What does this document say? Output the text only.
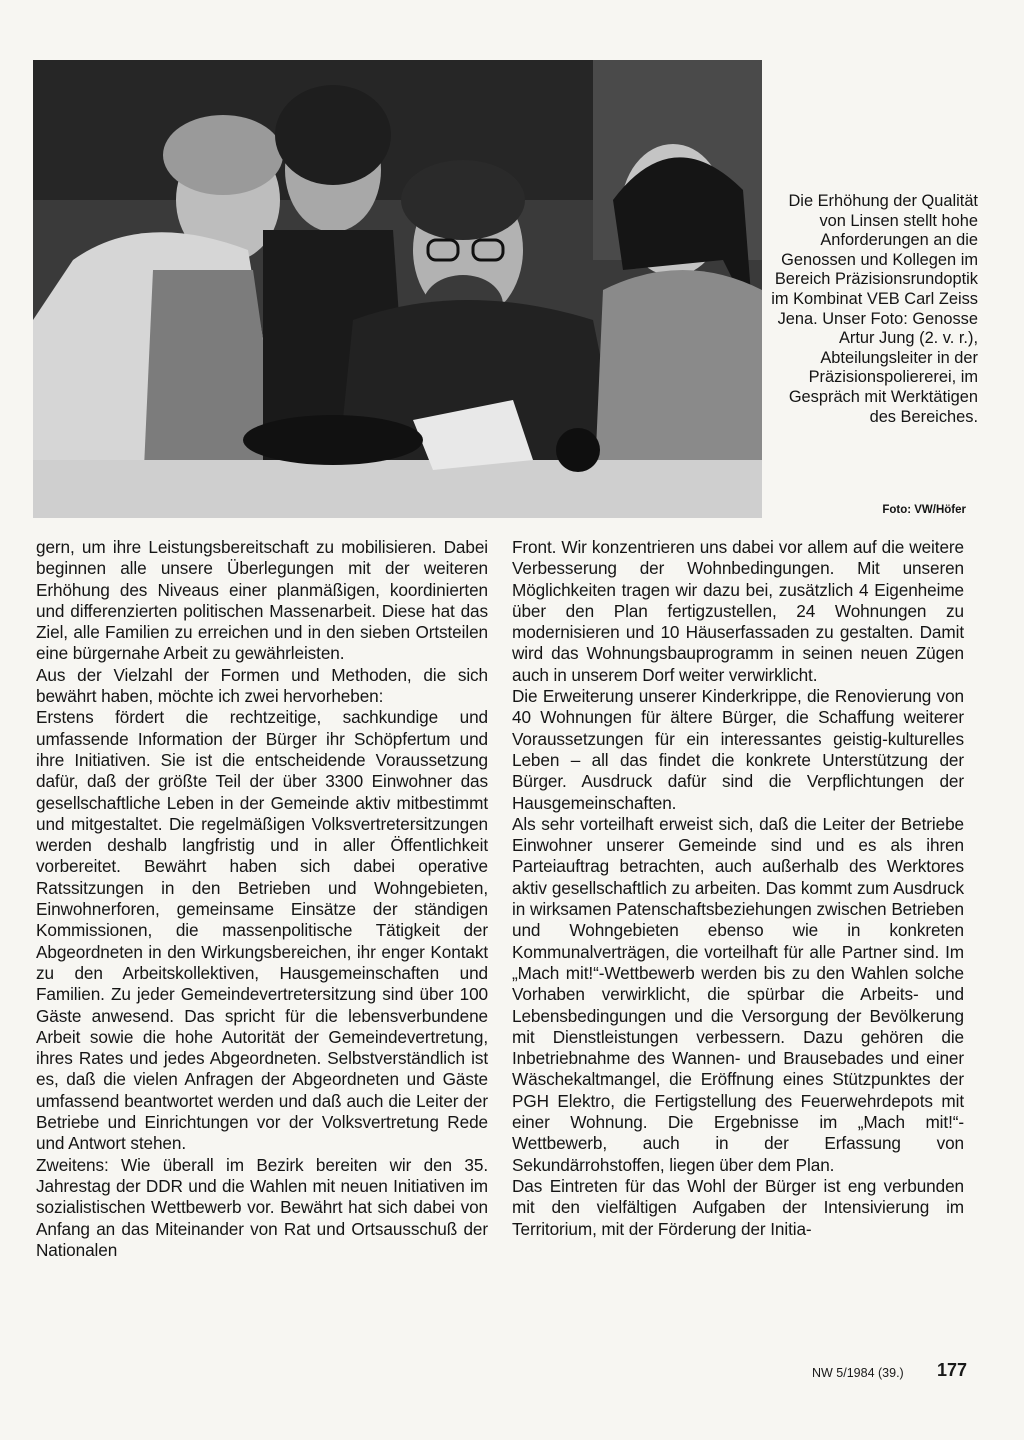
Die Erhöhung der Qualität von Linsen stellt hohe Anforderungen an die Genossen und Kollegen im Bereich Präzisionsrundoptik im Kombinat VEB Carl Zeiss Jena. Unser Foto: Genosse Artur Jung (2. v. r.), Abteilungsleiter in der Präzisionspoliererei, im Gespräch mit Werktätigen des Bereiches.
Foto: VW/Höfer

gern, um ihre Leistungsbereitschaft zu mobilisieren. Dabei beginnen alle unsere Überlegungen mit der weiteren Erhöhung des Niveaus einer planmäßigen, koordinierten und differenzierten politischen Massenarbeit. Diese hat das Ziel, alle Familien zu erreichen und in den sieben Ortsteilen eine bürgernahe Arbeit zu gewährleisten.

Aus der Vielzahl der Formen und Methoden, die sich bewährt haben, möchte ich zwei hervorheben:

Erstens fördert die rechtzeitige, sachkundige und umfassende Information der Bürger ihr Schöpfertum und ihre Initiativen. Sie ist die entscheidende Voraussetzung dafür, daß der größte Teil der über 3300 Einwohner das gesellschaftliche Leben in der Gemeinde aktiv mitbestimmt und mitgestaltet. Die regelmäßigen Volksvertretersitzungen werden deshalb langfristig und in aller Öffentlichkeit vorbereitet. Bewährt haben sich dabei operative Ratssitzungen in den Betrieben und Wohngebieten, Einwohnerforen, gemeinsame Einsätze der ständigen Kommissionen, die massenpolitische Tätigkeit der Abgeordneten in den Wirkungsbereichen, ihr enger Kontakt zu den Arbeitskollektiven, Hausgemeinschaften und Familien. Zu jeder Gemeindevertretersitzung sind über 100 Gäste anwesend. Das spricht für die lebensverbundene Arbeit sowie die hohe Autorität der Gemeindevertretung, ihres Rates und jedes Abgeordneten. Selbstverständlich ist es, daß die vielen Anfragen der Abgeordneten und Gäste umfassend beantwortet werden und daß auch die Leiter der Betriebe und Einrichtungen vor der Volksvertretung Rede und Antwort stehen.

Zweitens: Wie überall im Bezirk bereiten wir den 35. Jahrestag der DDR und die Wahlen mit neuen Initiativen im sozialistischen Wettbewerb vor. Bewährt hat sich dabei von Anfang an das Miteinander von Rat und Ortsausschuß der Nationalen

Front. Wir konzentrieren uns dabei vor allem auf die weitere Verbesserung der Wohnbedingungen. Mit unseren Möglichkeiten tragen wir dazu bei, zusätzlich 4 Eigenheime über den Plan fertigzustellen, 24 Wohnungen zu modernisieren und 10 Häuserfassaden zu gestalten. Damit wird das Wohnungsbauprogramm in seinen neuen Zügen auch in unserem Dorf weiter verwirklicht.

Die Erweiterung unserer Kinderkrippe, die Renovierung von 40 Wohnungen für ältere Bürger, die Schaffung weiterer Voraussetzungen für ein interessantes geistig-kulturelles Leben – all das findet die konkrete Unterstützung der Bürger. Ausdruck dafür sind die Verpflichtungen der Hausgemeinschaften.

Als sehr vorteilhaft erweist sich, daß die Leiter der Betriebe Einwohner unserer Gemeinde sind und es als ihren Parteiauftrag betrachten, auch außerhalb des Werktores aktiv gesellschaftlich zu arbeiten. Das kommt zum Ausdruck in wirksamen Patenschaftsbeziehungen zwischen Betrieben und Wohngebieten ebenso wie in konkreten Kommunalverträgen, die vorteilhaft für alle Partner sind. Im „Mach mit!“-Wettbewerb werden bis zu den Wahlen solche Vorhaben verwirklicht, die spürbar die Arbeits- und Lebensbedingungen und die Versorgung der Bevölkerung mit Dienstleistungen verbessern. Dazu gehören die Inbetriebnahme des Wannen- und Brausebades und einer Wäschekaltmangel, die Eröffnung eines Stützpunktes der PGH Elektro, die Fertigstellung des Feuerwehrdepots mit einer Wohnung. Die Ergebnisse im „Mach mit!“-Wettbewerb, auch in der Erfassung von Sekundärrohstoffen, liegen über dem Plan.

Das Eintreten für das Wohl der Bürger ist eng verbunden mit den vielfältigen Aufgaben der Intensivierung im Territorium, mit der Förderung der Initia-

NW 5/1984 (39.) 177
